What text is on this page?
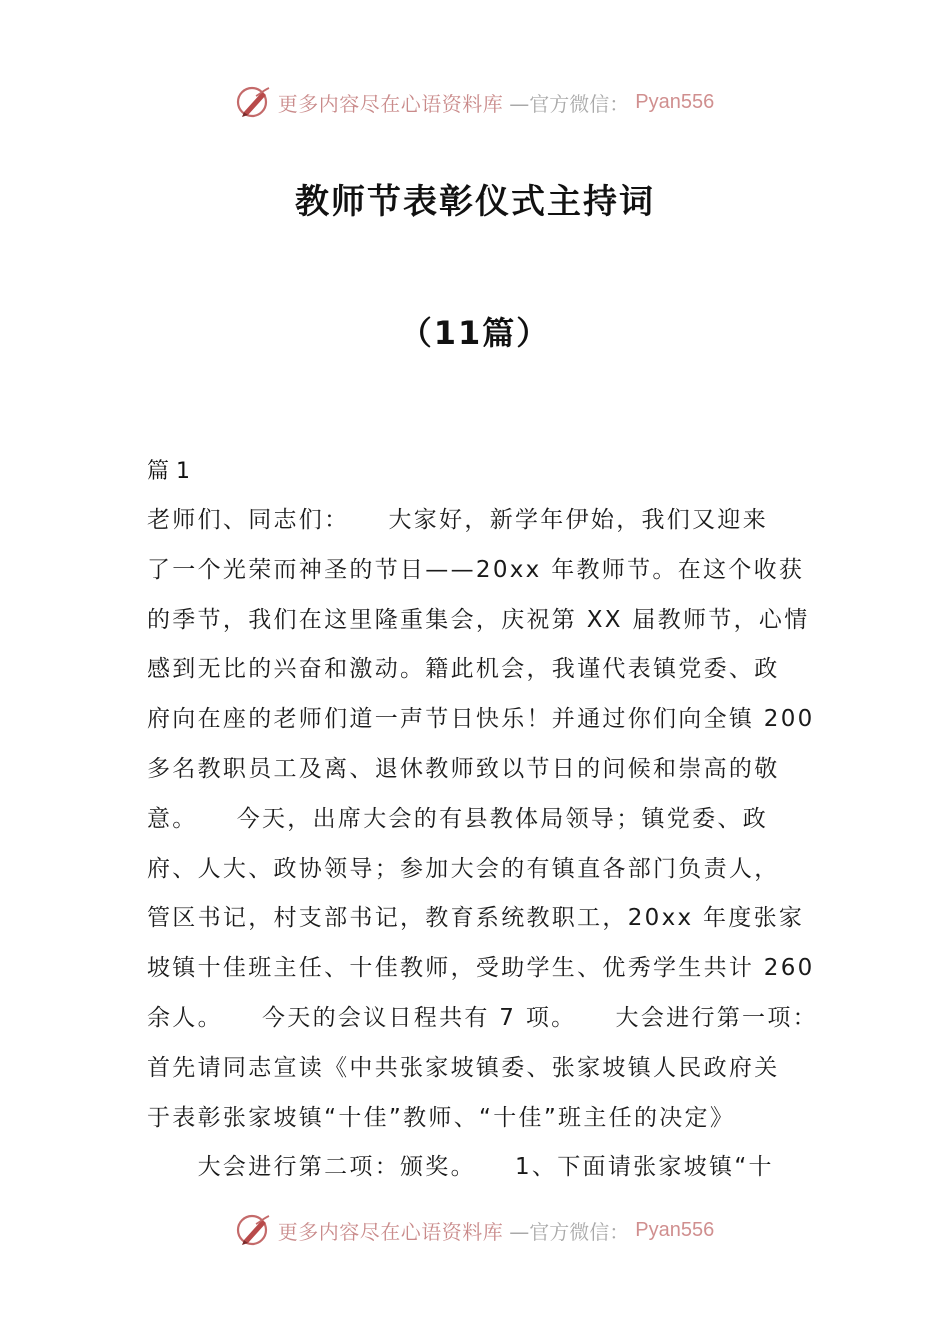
更多内容尽在心语资料库 —官方微信： Pyan556
教师节表彰仪式主持词
（11篇）
篇 1
老师们、同志们：　　大家好，新学年伊始，我们又迎来
了一个光荣而神圣的节日——20xx 年教师节。在这个收获
的季节，我们在这里隆重集会，庆祝第 XX 届教师节，心情
感到无比的兴奋和激动。籍此机会，我谨代表镇党委、政
府向在座的老师们道一声节日快乐！并通过你们向全镇 200
多名教职员工及离、退休教师致以节日的问候和崇高的敬
意。　　今天，出席大会的有县教体局领导；镇党委、政
府、人大、政协领导；参加大会的有镇直各部门负责人，
管区书记，村支部书记，教育系统教职工，20xx 年度张家
坡镇十佳班主任、十佳教师，受助学生、优秀学生共计 260
余人。　　今天的会议日程共有 7 项。　　大会进行第一项：
首先请同志宣读《中共张家坡镇委、张家坡镇人民政府关
于表彰张家坡镇“十佳”教师、“十佳”班主任的决定》
　　大会进行第二项：颁奖。　　1、下面请张家坡镇“十
更多内容尽在心语资料库 —官方微信： Pyan556
